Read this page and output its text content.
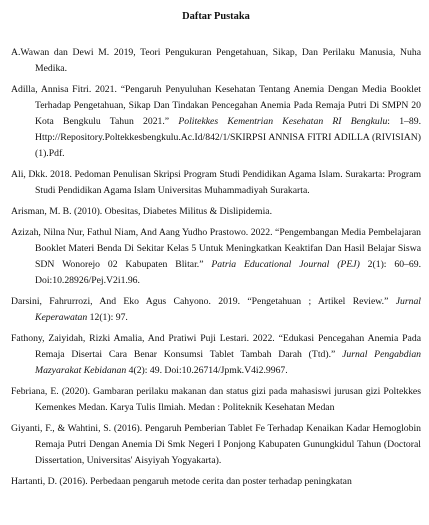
Daftar Pustaka

A.Wawan dan Dewi M. 2019, Teori Pengukuran Pengetahuan, Sikap, Dan Perilaku Manusia, Nuha Medika.

Adilla, Annisa Fitri. 2021. “Pengaruh Penyuluhan Kesehatan Tentang Anemia Dengan Media Booklet Terhadap Pengetahuan, Sikap Dan Tindakan Pencegahan Anemia Pada Remaja Putri Di SMPN 20 Kota Bengkulu Tahun 2021.” Politekkes Kementrian Kesehatan RI Bengkulu: 1–89. Http://Repository.Poltekkesbengkulu.Ac.Id/842/1/SKIRPSI ANNISA FITRI ADILLA (RIVISIAN)(1).Pdf.

Ali, Dkk. 2018. Pedoman Penulisan Skripsi Program Studi Pendidikan Agama Islam. Surakarta: Program Studi Pendidikan Agama Islam Universitas Muhammadiyah Surakarta.

Arisman, M. B. (2010). Obesitas, Diabetes Militus & Dislipidemia.

Azizah, Nilna Nur, Fathul Niam, And Aang Yudho Prastowo. 2022. “Pengembangan Media Pembelajaran Booklet Materi Benda Di Sekitar Kelas 5 Untuk Meningkatkan Keaktifan Dan Hasil Belajar Siswa SDN Wonorejo 02 Kabupaten Blitar.” Patria Educational Journal (PEJ) 2(1): 60–69. Doi:10.28926/Pej.V2i1.96.

Darsini, Fahrurrozi, And Eko Agus Cahyono. 2019. “Pengetahuan ; Artikel Review.” Jurnal Keperawatan 12(1): 97.

Fathony, Zaiyidah, Rizki Amalia, And Pratiwi Puji Lestari. 2022. “Edukasi Pencegahan Anemia Pada Remaja Disertai Cara Benar Konsumsi Tablet Tambah Darah (Ttd).” Jurnal Pengabdian Mazyarakat Kebidanan 4(2): 49. Doi:10.26714/Jpmk.V4i2.9967.

Febriana, E. (2020). Gambaran perilaku makanan dan status gizi pada mahasiswi jurusan gizi Poltekkes Kemenkes Medan. Karya Tulis Ilmiah. Medan : Politeknik Kesehatan Medan

Giyanti, F., & Wahtini, S. (2016). Pengaruh Pemberian Tablet Fe Terhadap Kenaikan Kadar Hemoglobin Remaja Putri Dengan Anemia Di Smk Negeri I Ponjong Kabupaten Gunungkidul Tahun (Doctoral Dissertation, Universitas' Aisyiyah Yogyakarta).

Hartanti, D. (2016). Perbedaan pengaruh metode cerita dan poster terhadap peningkatan
